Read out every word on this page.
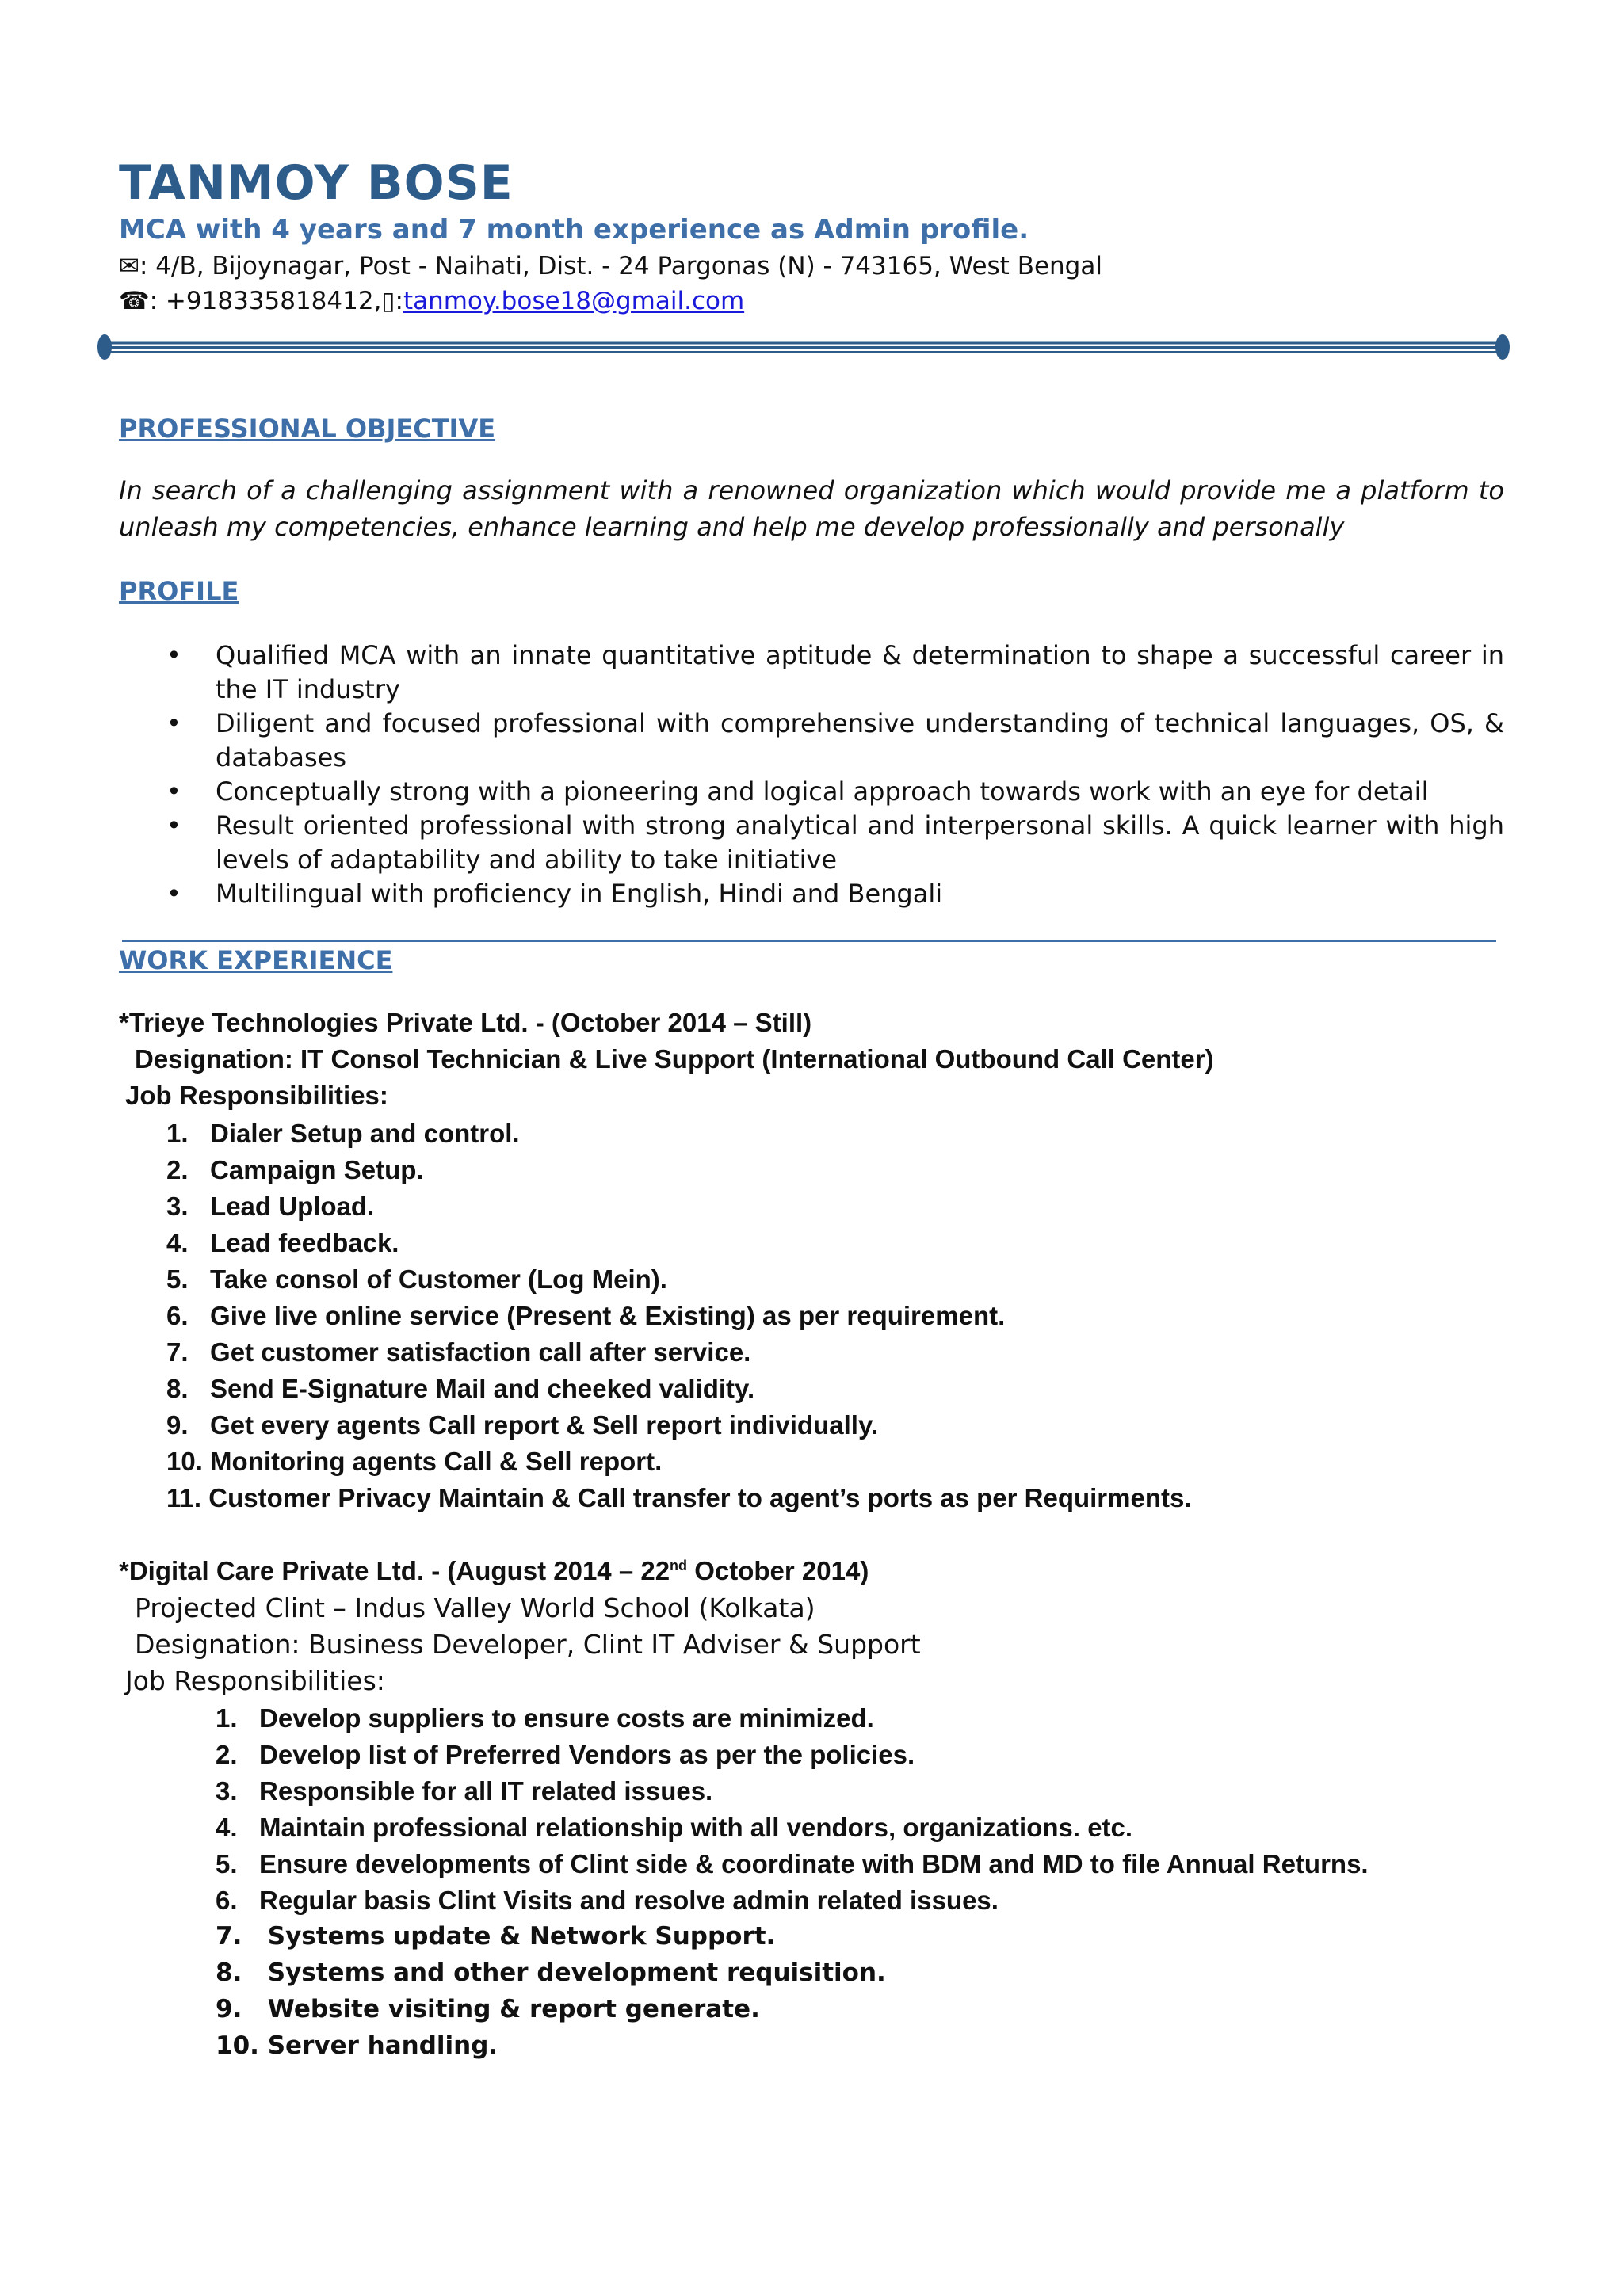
TANMOY BOSE
MCA with 4 years and 7 month experience as Admin profile.
✉: 4/B, Bijoynagar, Post - Naihati, Dist. - 24 Pargonas (N) - 743165, West Bengal
☎: +918335818412,▯:tanmoy.bose18@gmail.com
PROFESSIONAL OBJECTIVE
In search of a challenging assignment with a renowned organization which would provide me a platform to unleash my competencies, enhance learning and help me develop professionally and personally
PROFILE
• Qualified MCA with an innate quantitative aptitude & determination to shape a successful career in the IT industry
• Diligent and focused professional with comprehensive understanding of technical languages, OS, & databases
• Conceptually strong with a pioneering and logical approach towards work with an eye for detail
• Result oriented professional with strong analytical and interpersonal skills. A quick learner with high levels of adaptability and ability to take initiative
• Multilingual with proficiency in English, Hindi and Bengali
WORK EXPERIENCE
*Trieye Technologies Private Ltd. - (October 2014 – Still)
Designation: IT Consol Technician & Live Support (International Outbound Call Center)
Job Responsibilities:
1. Dialer Setup and control.
2. Campaign Setup.
3. Lead Upload.
4. Lead feedback.
5. Take consol of Customer (Log Mein).
6. Give live online service (Present & Existing) as per requirement.
7. Get customer satisfaction call after service.
8. Send E-Signature Mail and cheeked validity.
9. Get every agents Call report & Sell report individually.
10. Monitoring agents Call & Sell report.
11. Customer Privacy Maintain & Call transfer to agent’s ports as per Requirments.
*Digital Care Private Ltd. - (August 2014 – 22nd October 2014)
Projected Clint – Indus Valley World School (Kolkata)
Designation: Business Developer, Clint IT Adviser & Support
Job Responsibilities:
1. Develop suppliers to ensure costs are minimized.
2. Develop list of Preferred Vendors as per the policies.
3. Responsible for all IT related issues.
4. Maintain professional relationship with all vendors, organizations. etc.
5. Ensure developments of Clint side & coordinate with BDM and MD to file Annual Returns.
6. Regular basis Clint Visits and resolve admin related issues.
7. Systems update & Network Support.
8. Systems and other development requisition.
9. Website visiting & report generate.
10. Server handling.
